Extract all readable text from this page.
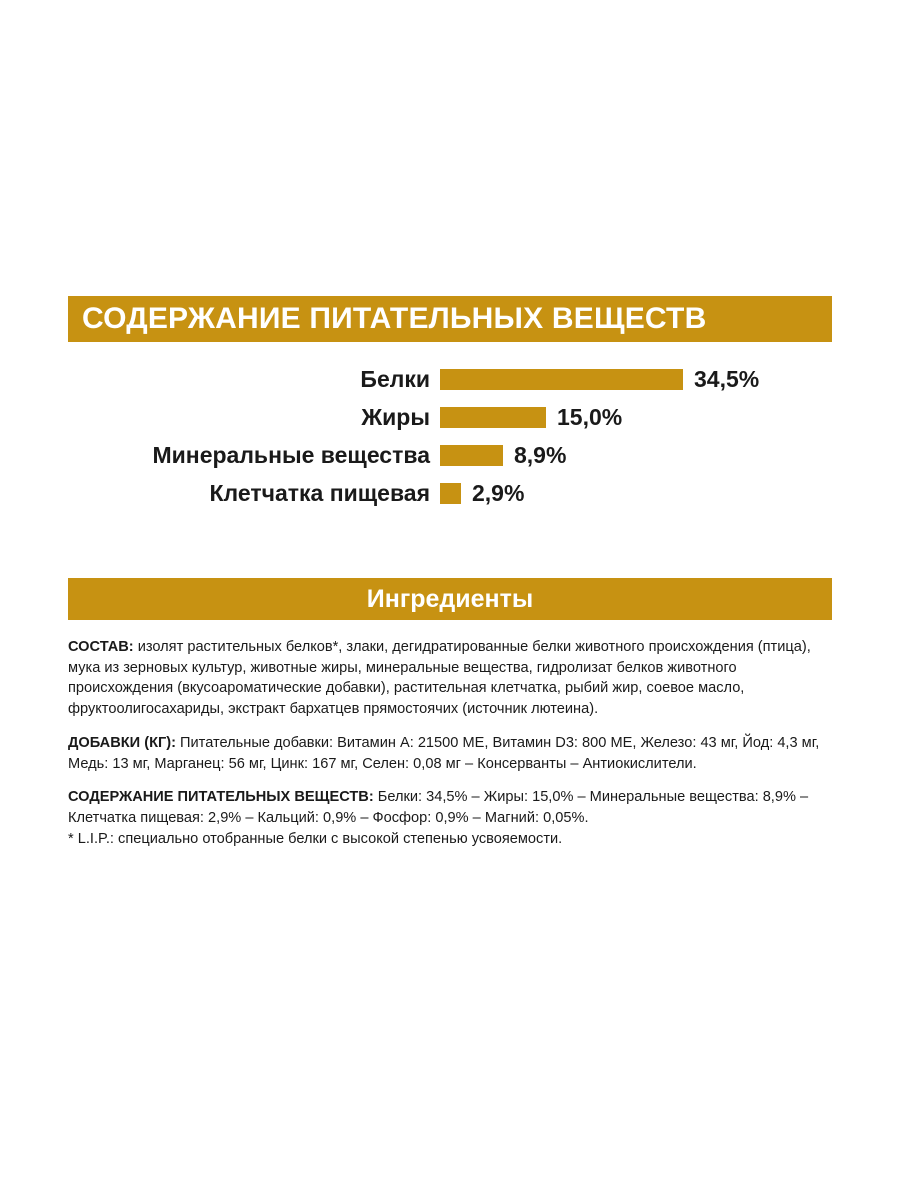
СОДЕРЖАНИЕ ПИТАТЕЛЬНЫХ ВЕЩЕСТВ
Белки	34,5%
Жиры	15,0%
Минеральные вещества	8,9%
Клетчатка пищевая	2,9%
Ингредиенты

СОСТАВ: изолят растительных белков*, злаки, дегидратированные белки животного происхождения (птица), мука из зерновых культур, животные жиры, минеральные вещества, гидролизат белков животного происхождения (вкусоароматические добавки), растительная клетчатка, рыбий жир, соевое масло, фруктоолигосахариды, экстракт бархатцев прямостоячих (источник лютеина).

ДОБАВКИ (КГ): Питательные добавки: Витамин A: 21500 МЕ, Витамин D3: 800 МЕ, Железо: 43 мг, Йод: 4,3 мг, Медь: 13 мг, Марганец: 56 мг, Цинк: 167 мг, Селен: 0,08 мг – Консерванты – Антиокислители.

СОДЕРЖАНИЕ ПИТАТЕЛЬНЫХ ВЕЩЕСТВ: Белки: 34,5% – Жиры: 15,0% – Минеральные вещества: 8,9% – Клетчатка пищевая: 2,9% – Кальций: 0,9% – Фосфор: 0,9% – Магний: 0,05%.

* L.I.P.: специально отобранные белки с высокой степенью усвояемости.
